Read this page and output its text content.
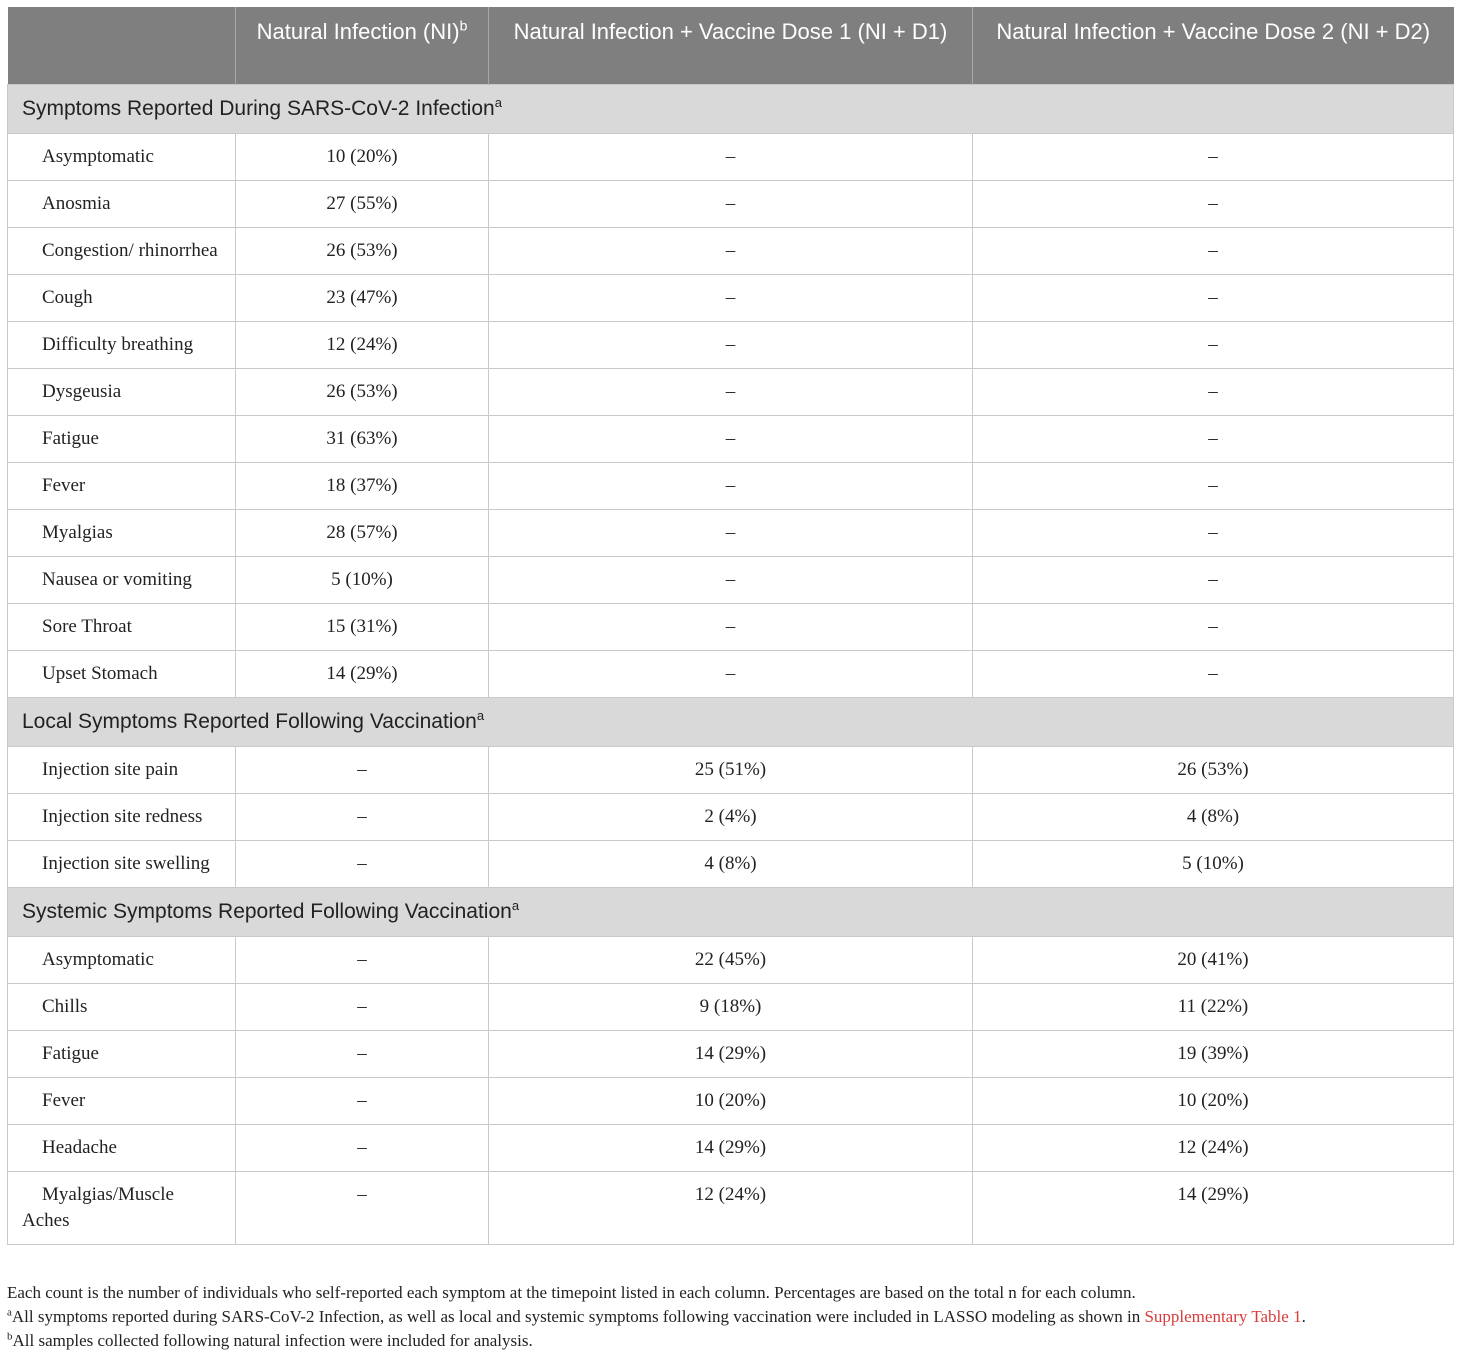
	Natural Infection (NI)$^b$	Natural Infection + Vaccine Dose 1 (NI + D1)	Natural Infection + Vaccine Dose 2 (NI + D2)
Symptoms Reported During SARS-CoV-2 Infection$^a$
Asymptomatic	10 (20%)	–	–
Anosmia	27 (55%)	–	–
Congestion/ rhinorrhea	26 (53%)	–	–
Cough	23 (47%)	–	–
Difficulty breathing	12 (24%)	–	–
Dysgeusia	26 (53%)	–	–
Fatigue	31 (63%)	–	–
Fever	18 (37%)	–	–
Myalgias	28 (57%)	–	–
Nausea or vomiting	5 (10%)	–	–
Sore Throat	15 (31%)	–	–
Upset Stomach	14 (29%)	–	–
Local Symptoms Reported Following Vaccination$^a$
Injection site pain	–	25 (51%)	26 (53%)
Injection site redness	–	2 (4%)	4 (8%)
Injection site swelling	–	4 (8%)	5 (10%)
Systemic Symptoms Reported Following Vaccination$^a$
Asymptomatic	–	22 (45%)	20 (41%)
Chills	–	9 (18%)	11 (22%)
Fatigue	–	14 (29%)	19 (39%)
Fever	–	10 (20%)	10 (20%)
Headache	–	14 (29%)	12 (24%)
Myalgias/Muscle Aches	–	12 (24%)	14 (29%)

Each count is the number of individuals who self-reported each symptom at the timepoint listed in each column. Percentages are based on the total n for each column.

$^a$All symptoms reported during SARS-CoV-2 Infection, as well as local and systemic symptoms following vaccination were included in LASSO modeling as shown in Supplementary Table 1.

$^b$All samples collected following natural infection were included for analysis.
